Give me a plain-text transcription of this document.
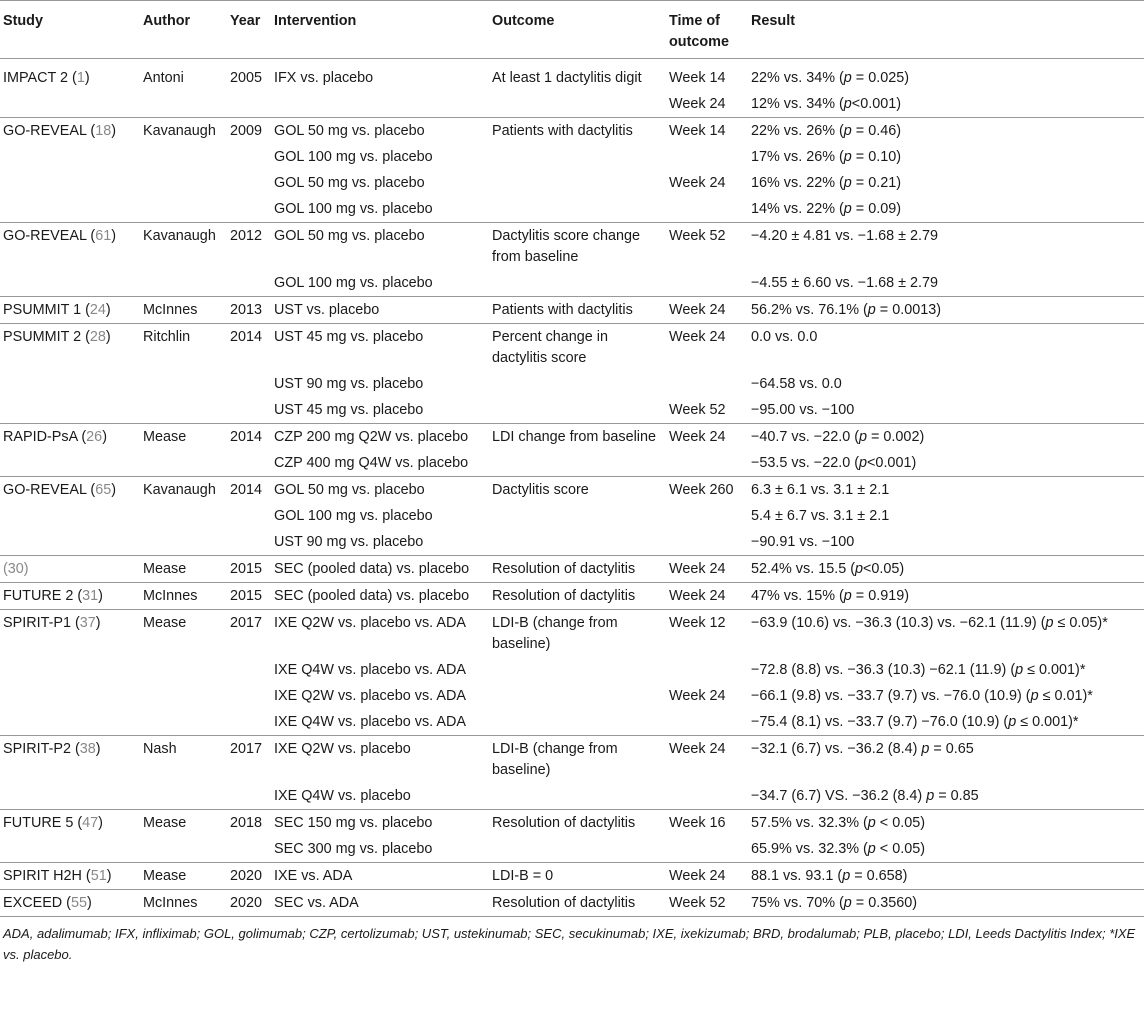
Study	Author	Year	Intervention	Outcome	Time of outcome	Result
IMPACT 2 (1)	Antoni	2005	IFX vs. placebo	At least 1 dactylitis digit	Week 14	22% vs. 34% (p = 0.025)
					Week 24	12% vs. 34% (p<0.001)
GO-REVEAL (18)	Kavanaugh	2009	GOL 50 mg vs. placebo	Patients with dactylitis	Week 14	22% vs. 26% (p = 0.46)
			GOL 100 mg vs. placebo			17% vs. 26% (p = 0.10)
			GOL 50 mg vs. placebo		Week 24	16% vs. 22% (p = 0.21)
			GOL 100 mg vs. placebo			14% vs. 22% (p = 0.09)
GO-REVEAL (61)	Kavanaugh	2012	GOL 50 mg vs. placebo	Dactylitis score change from baseline	Week 52	−4.20 ± 4.81 vs. −1.68 ± 2.79
			GOL 100 mg vs. placebo			−4.55 ± 6.60 vs. −1.68 ± 2.79
PSUMMIT 1 (24)	McInnes	2013	UST vs. placebo	Patients with dactylitis	Week 24	56.2% vs. 76.1% (p = 0.0013)
PSUMMIT 2 (28)	Ritchlin	2014	UST 45 mg vs. placebo	Percent change in dactylitis score	Week 24	0.0 vs. 0.0
			UST 90 mg vs. placebo			−64.58 vs. 0.0
			UST 45 mg vs. placebo		Week 52	−95.00 vs. −100
RAPID-PsA (26)	Mease	2014	CZP 200 mg Q2W vs. placebo	LDI change from baseline	Week 24	−40.7 vs. −22.0 (p = 0.002)
			CZP 400 mg Q4W vs. placebo			−53.5 vs. −22.0 (p<0.001)
GO-REVEAL (65)	Kavanaugh	2014	GOL 50 mg vs. placebo	Dactylitis score	Week 260	6.3 ± 6.1 vs. 3.1 ± 2.1
			GOL 100 mg vs. placebo			5.4 ± 6.7 vs. 3.1 ± 2.1
			UST 90 mg vs. placebo			−90.91 vs. −100
(30)	Mease	2015	SEC (pooled data) vs. placebo	Resolution of dactylitis	Week 24	52.4% vs. 15.5 (p<0.05)
FUTURE 2 (31)	McInnes	2015	SEC (pooled data) vs. placebo	Resolution of dactylitis	Week 24	47% vs. 15% (p = 0.919)
SPIRIT-P1 (37)	Mease	2017	IXE Q2W vs. placebo vs. ADA	LDI-B (change from baseline)	Week 12	−63.9 (10.6) vs. −36.3 (10.3) vs. −62.1 (11.9) (p ≤ 0.05)*
			IXE Q4W vs. placebo vs. ADA			−72.8 (8.8) vs. −36.3 (10.3) −62.1 (11.9) (p ≤ 0.001)*
			IXE Q2W vs. placebo vs. ADA		Week 24	−66.1 (9.8) vs. −33.7 (9.7) vs. −76.0 (10.9) (p ≤ 0.01)*
			IXE Q4W vs. placebo vs. ADA			−75.4 (8.1) vs. −33.7 (9.7) −76.0 (10.9) (p ≤ 0.001)*
SPIRIT-P2 (38)	Nash	2017	IXE Q2W vs. placebo	LDI-B (change from baseline)	Week 24	−32.1 (6.7) vs. −36.2 (8.4) p = 0.65
			IXE Q4W vs. placebo			−34.7 (6.7) VS. −36.2 (8.4) p = 0.85
FUTURE 5 (47)	Mease	2018	SEC 150 mg vs. placebo	Resolution of dactylitis	Week 16	57.5% vs. 32.3% (p < 0.05)
			SEC 300 mg vs. placebo			65.9% vs. 32.3% (p < 0.05)
SPIRIT H2H (51)	Mease	2020	IXE vs. ADA	LDI-B = 0	Week 24	88.1 vs. 93.1 (p = 0.658)
EXCEED (55)	McInnes	2020	SEC vs. ADA	Resolution of dactylitis	Week 52	75% vs. 70% (p = 0.3560)
ADA, adalimumab; IFX, infliximab; GOL, golimumab; CZP, certolizumab; UST, ustekinumab; SEC, secukinumab; IXE, ixekizumab; BRD, brodalumab; PLB, placebo; LDI, Leeds Dactylitis Index; *IXE vs. placebo.
